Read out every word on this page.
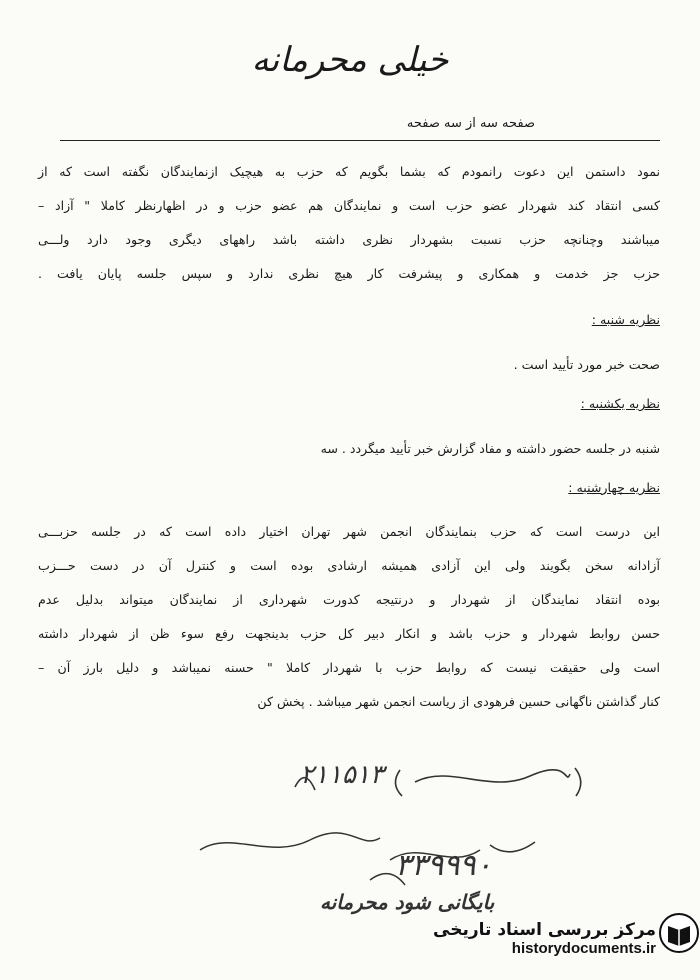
خیلی محرمانه
صفحه سه از سه صفحه
نمود داستمن این دعوت رانمودم که بشما بگویم که حزب به هیچیک ازنمایندگان نگفته است که از
کسی انتقاد کند شهردار عضو حزب است و نمایندگان هم عضو حزب و در اظهارنظر کاملا " آزاد –
میباشند وچنانچه حزب نسبت بشهردار نظری داشته باشد راههای دیگری وجود دارد ولـــی
حزب جز خدمت و همکاری و پیشرفت کار هیچ نظری ندارد و سپس جلسه پایان یافت .
نظریه شنبه :
صحت خبر مورد تأیید است .
نظریه یکشنبه :
شنبه در جلسه حضور داشته و مفاد گزارش خبر تأیید میگردد . سه
نظریه چهارشنبه :
این درست است که حزب بنمایندگان انجمن شهر تهران اختیار داده است که در جلسه حزبـــی
آزادانه سخن بگویند ولی این آزادی همیشه ارشادی بوده است و کنترل آن در دست حـــزب
بوده انتقاد نمایندگان از شهردار و درنتیجه کدورت شهرداری از نمایندگان میتواند بدلیل عدم
حسن روابط شهردار و حزب باشد و انکار دبیر کل حزب بدینجهت رفع سوء ظن از شهردار داشته
است ولی حقیقت نیست که روابط حزب با شهردار کاملا " حسنه نمیباشد و دلیل بارز آن –
کنار گذاشتن ناگهانی حسین فرهودی از ریاست انجمن شهر میباشد . پخش کن
۲۱۱۵۱۳
۳۳۹۹۹۰
بایگانی شود محرمانه
مرکز بررسی اسناد تاریخی
historydocuments.ir
